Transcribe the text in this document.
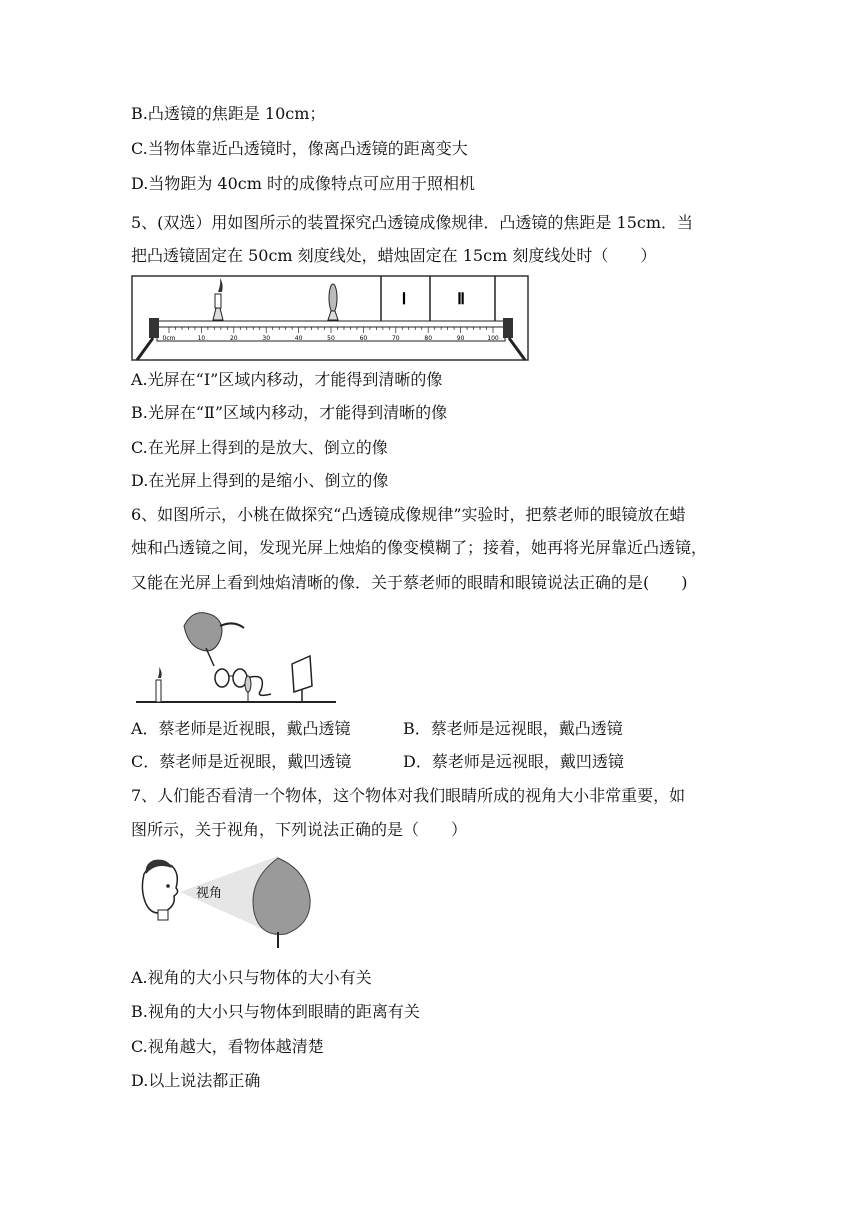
B.凸透镜的焦距是 10cm；
C.当物体靠近凸透镜时，像离凸透镜的距离变大
D.当物距为 40cm 时的成像特点可应用于照相机
5、(双选）用如图所示的装置探究凸透镜成像规律．凸透镜的焦距是 15cm．当
把凸透镜固定在 50cm 刻度线处，蜡烛固定在 15cm 刻度线处时（　　）
Ⅰ	Ⅱ
0cm	10	20	30	40	50	60	70	80	90	100
A.光屏在“Ⅰ”区域内移动，才能得到清晰的像
B.光屏在“Ⅱ”区域内移动，才能得到清晰的像
C.在光屏上得到的是放大、倒立的像
D.在光屏上得到的是缩小、倒立的像
6、如图所示，小桃在做探究“凸透镜成像规律”实验时，把蔡老师的眼镜放在蜡
烛和凸透镜之间，发现光屏上烛焰的像变模糊了；接着，她再将光屏靠近凸透镜，
又能在光屏上看到烛焰清晰的像．关于蔡老师的眼睛和眼镜说法正确的是(　　)
A．蔡老师是近视眼，戴凸透镜	B．蔡老师是远视眼，戴凸透镜
C．蔡老师是近视眼，戴凹透镜	D．蔡老师是远视眼，戴凹透镜
7、人们能否看清一个物体，这个物体对我们眼睛所成的视角大小非常重要，如
图所示，关于视角，下列说法正确的是（　　）
视角
A.视角的大小只与物体的大小有关
B.视角的大小只与物体到眼睛的距离有关
C.视角越大，看物体越清楚
D.以上说法都正确
